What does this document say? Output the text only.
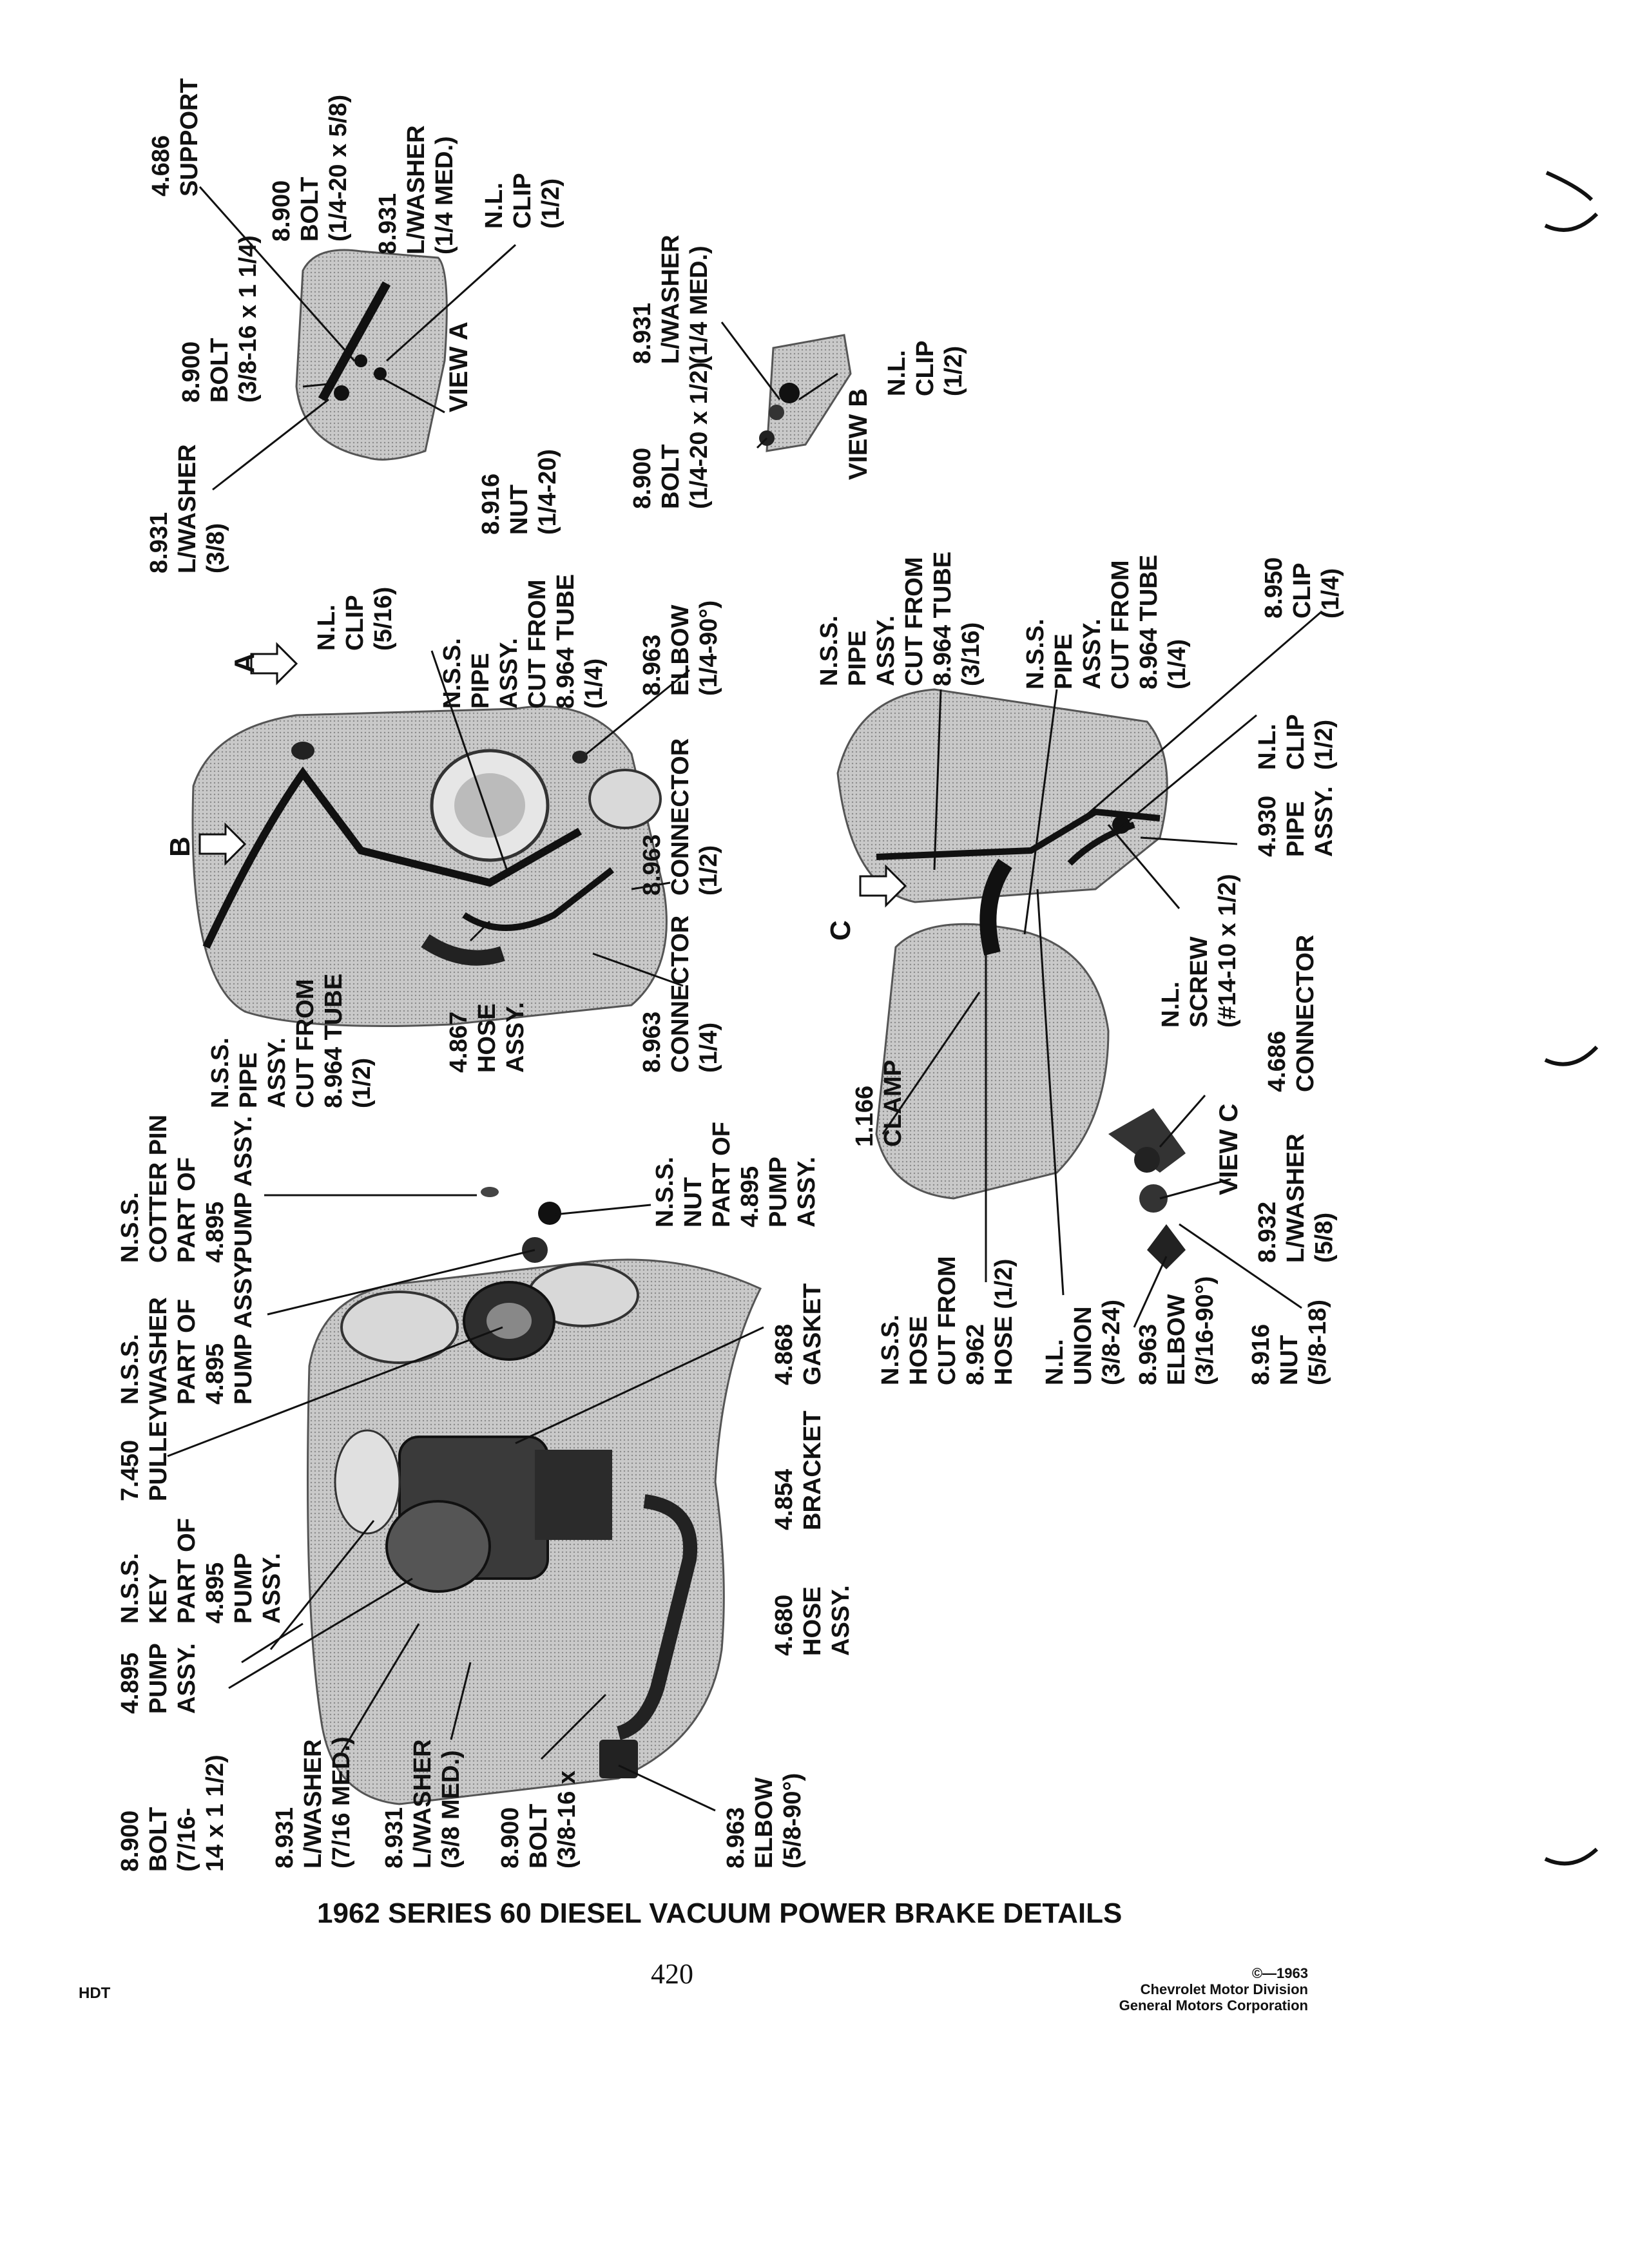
8.900 BOLT (7/16- 14 x 1 1/2)
4.895 PUMP ASSY.
N.S.S. KEY PART OF 4.895 PUMP ASSY.
7.450 PULLEY
N.S.S. WASHER PART OF 4.895 PUMP ASSY.
N.S.S. COTTER PIN PART OF 4.895 PUMP ASSY.
8.931 L/WASHER (7/16 MED.) 8.931 L/WASHER (3/8 MED.) 8.900 BOLT (3/8-16 x	8.963 ELBOW (5/8-90°)
4.680 HOSE ASSY.
4.854 BRACKET
4.868 GASKET
N.S.S. NUT PART OF 4.895 PUMP ASSY.
N.S.S. PIPE ASSY. CUT FROM 8.964 TUBE (1/2)
4.867 HOSE ASSY.	8.963 CONNECTOR (1/4)
8.963 CONNECTOR (1/2)
N.S.S. PIPE ASSY. CUT FROM 8.964 TUBE (1/4) 8.963 ELBOW (1/4-90°)
N.L. CLIP (5/16)
8.931 L/WASHER (3/8)
8.900 BOLT (3/8-16 x 1 1/4)
4.686 SUPPORT
8.900 BOLT (1/4-20 x 5/8) 8.931 L/WASHER (1/4 MED.) N.L. CLIP (1/2)
8.916 NUT (1/4-20)	8.900 BOLT (1/4-20 x 1/2)
8.931 L/WASHER (1/4 MED.)
N.L. CLIP (1/2)
N.S.S. PIPE ASSY. CUT FROM 8.964 TUBE (3/16) N.S.S. PIPE ASSY. CUT FROM 8.964 TUBE (1/4)
8.950 CLIP (1/4)
N.L. CLIP (1/2)
4.930 PIPE ASSY.
N.L. SCREW (#14-10 x 1/2)
1.166 CLAMP	4.686 CONNECTOR
8.932 L/WASHER (5/8)
8.916 NUT (5/8-18)
8.963 ELBOW (3/16-90°)
N.L. UNION (3/8-24)
N.S.S. HOSE CUT FROM 8.962 HOSE (1/2)
VIEW A
VIEW B
VIEW C
A
B
C
1962 SERIES 60 DIESEL VACUUM POWER BRAKE DETAILS
420
HDT
©—1963
Chevrolet Motor Division
General Motors Corporation
